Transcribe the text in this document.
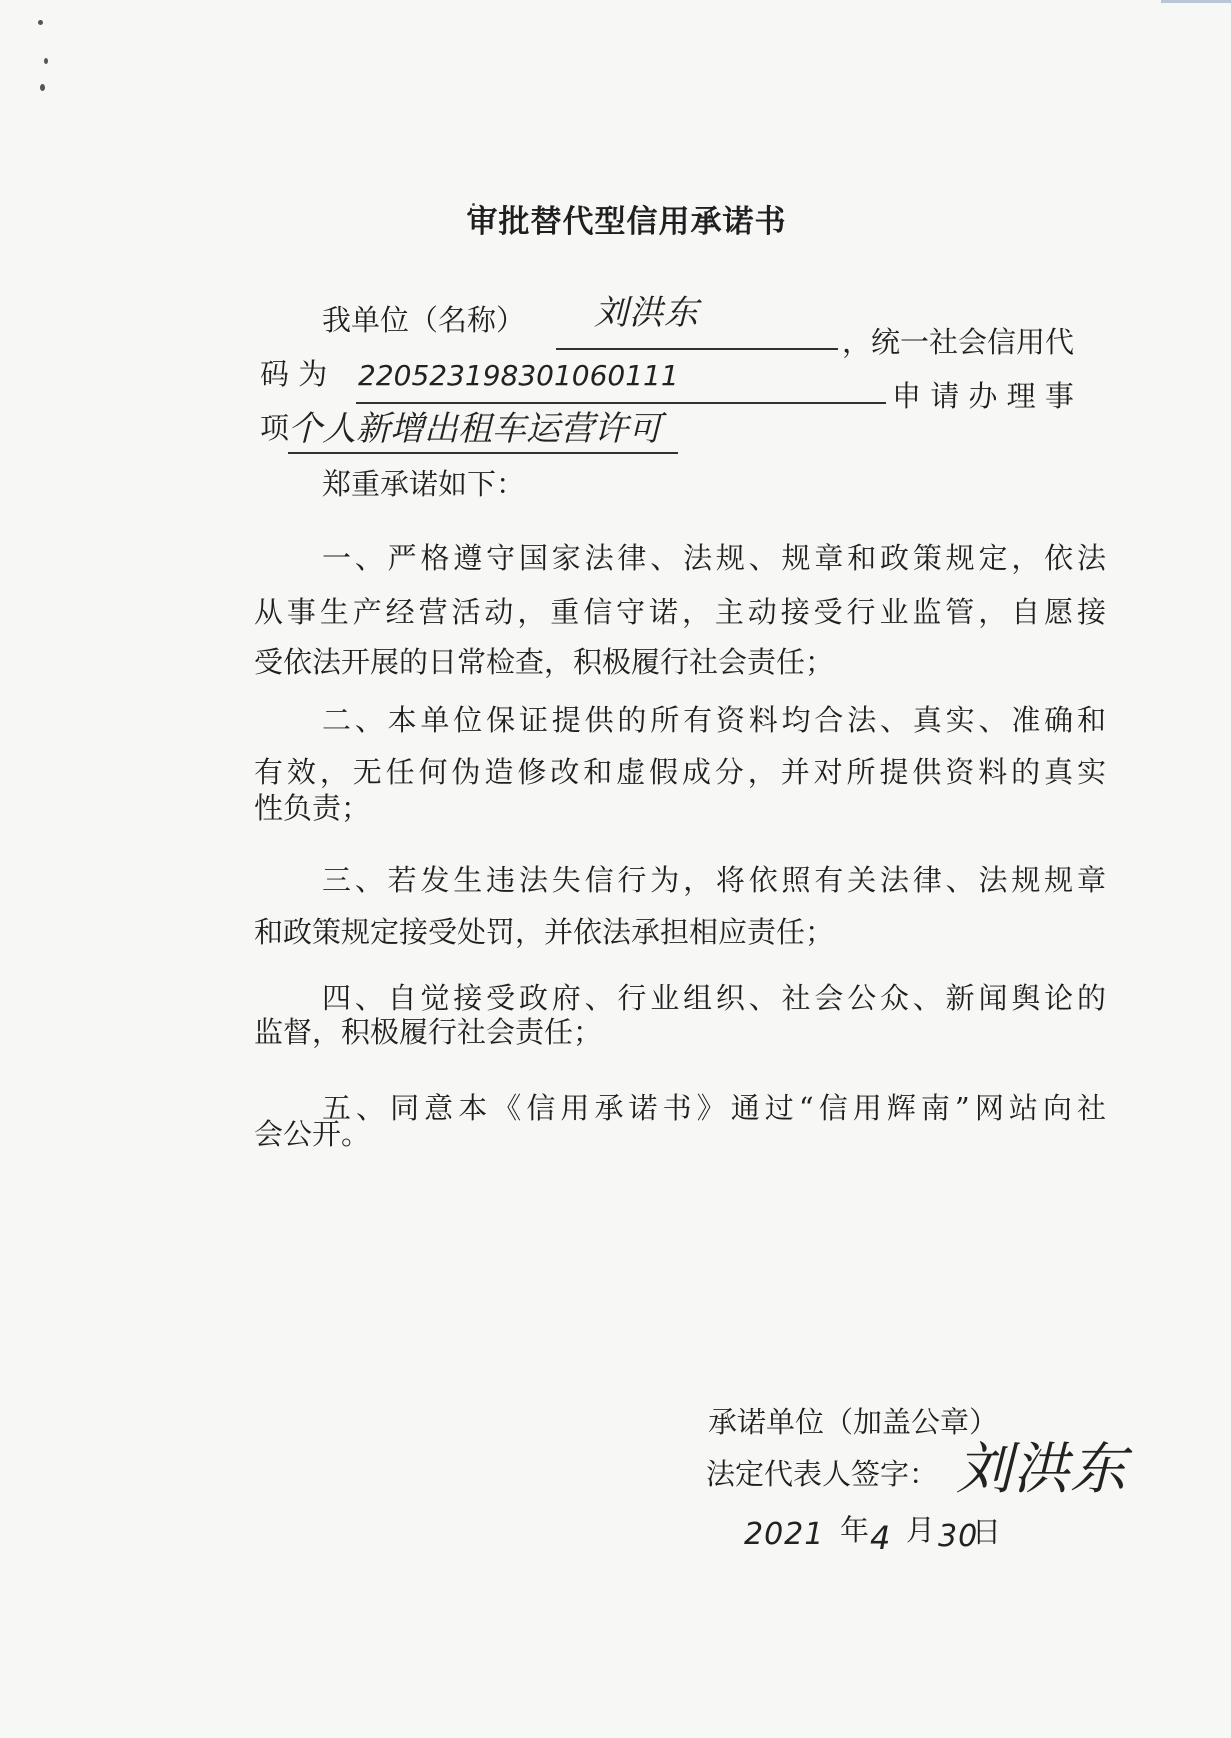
审批替代型信用承诺书
我单位（名称） 刘洪东
，统一社会信用代
码 为 220523198301060111
申 请 办 理 事
项
个人新增出租车运营许可
郑重承诺如下：
一、严格遵守国家法律、法规、规章和政策规定，依法
从事生产经营活动，重信守诺，主动接受行业监管，自愿接
受依法开展的日常检查，积极履行社会责任；
二、本单位保证提供的所有资料均合法、真实、准确和
有效，无任何伪造修改和虚假成分，并对所提供资料的真实
性负责；
三、若发生违法失信行为，将依照有关法律、法规规章
和政策规定接受处罚，并依法承担相应责任；
四、自觉接受政府、行业组织、社会公众、新闻舆论的
监督，积极履行社会责任；
五、同意本《信用承诺书》通过“信用辉南”网站向社
会公开。
承诺单位（加盖公章）
法定代表人签字： 刘洪东
2021 年 4 月 30
日
